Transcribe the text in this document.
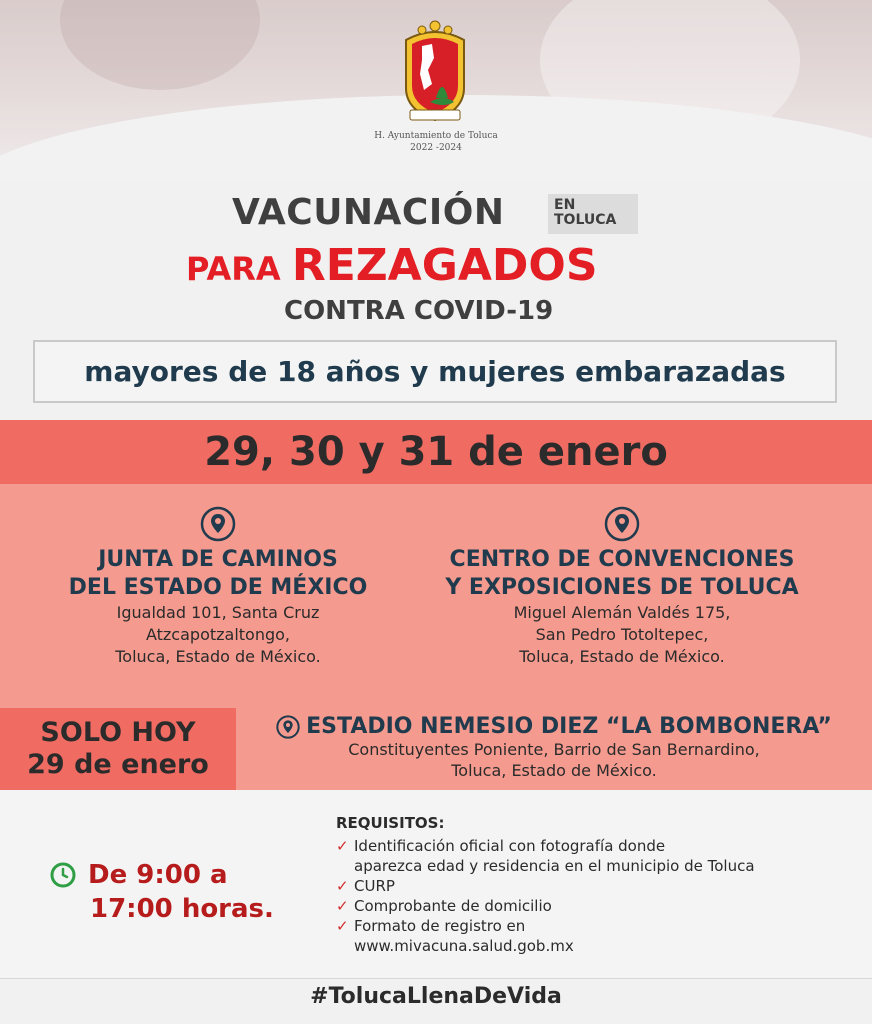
H. Ayuntamiento de Toluca
2022 -2024
VACUNACIÓN	EN
TOLUCA
PARA REZAGADOS
CONTRA COVID-19
mayores de 18 años y mujeres embarazadas
29, 30 y 31 de enero
JUNTA DE CAMINOS
DEL ESTADO DE MÉXICO
Igualdad 101, Santa Cruz
Atzcapotzaltongo,
Toluca, Estado de México.
CENTRO DE CONVENCIONES
Y EXPOSICIONES DE TOLUCA
Miguel Alemán Valdés 175,
San Pedro Totoltepec,
Toluca, Estado de México.
SOLO HOY
29 de enero
ESTADIO NEMESIO DIEZ “LA BOMBONERA”
Constituyentes Poniente, Barrio de San Bernardino,
Toluca, Estado de México.
De 9:00 a
17:00 horas.
REQUISITOS:
✓ Identificación oficial con fotografía donde
aparezca edad y residencia en el municipio de Toluca
✓ CURP
✓ Comprobante de domicilio
✓ Formato de registro en
www.mivacuna.salud.gob.mx
#TolucaLlenaDeVida
